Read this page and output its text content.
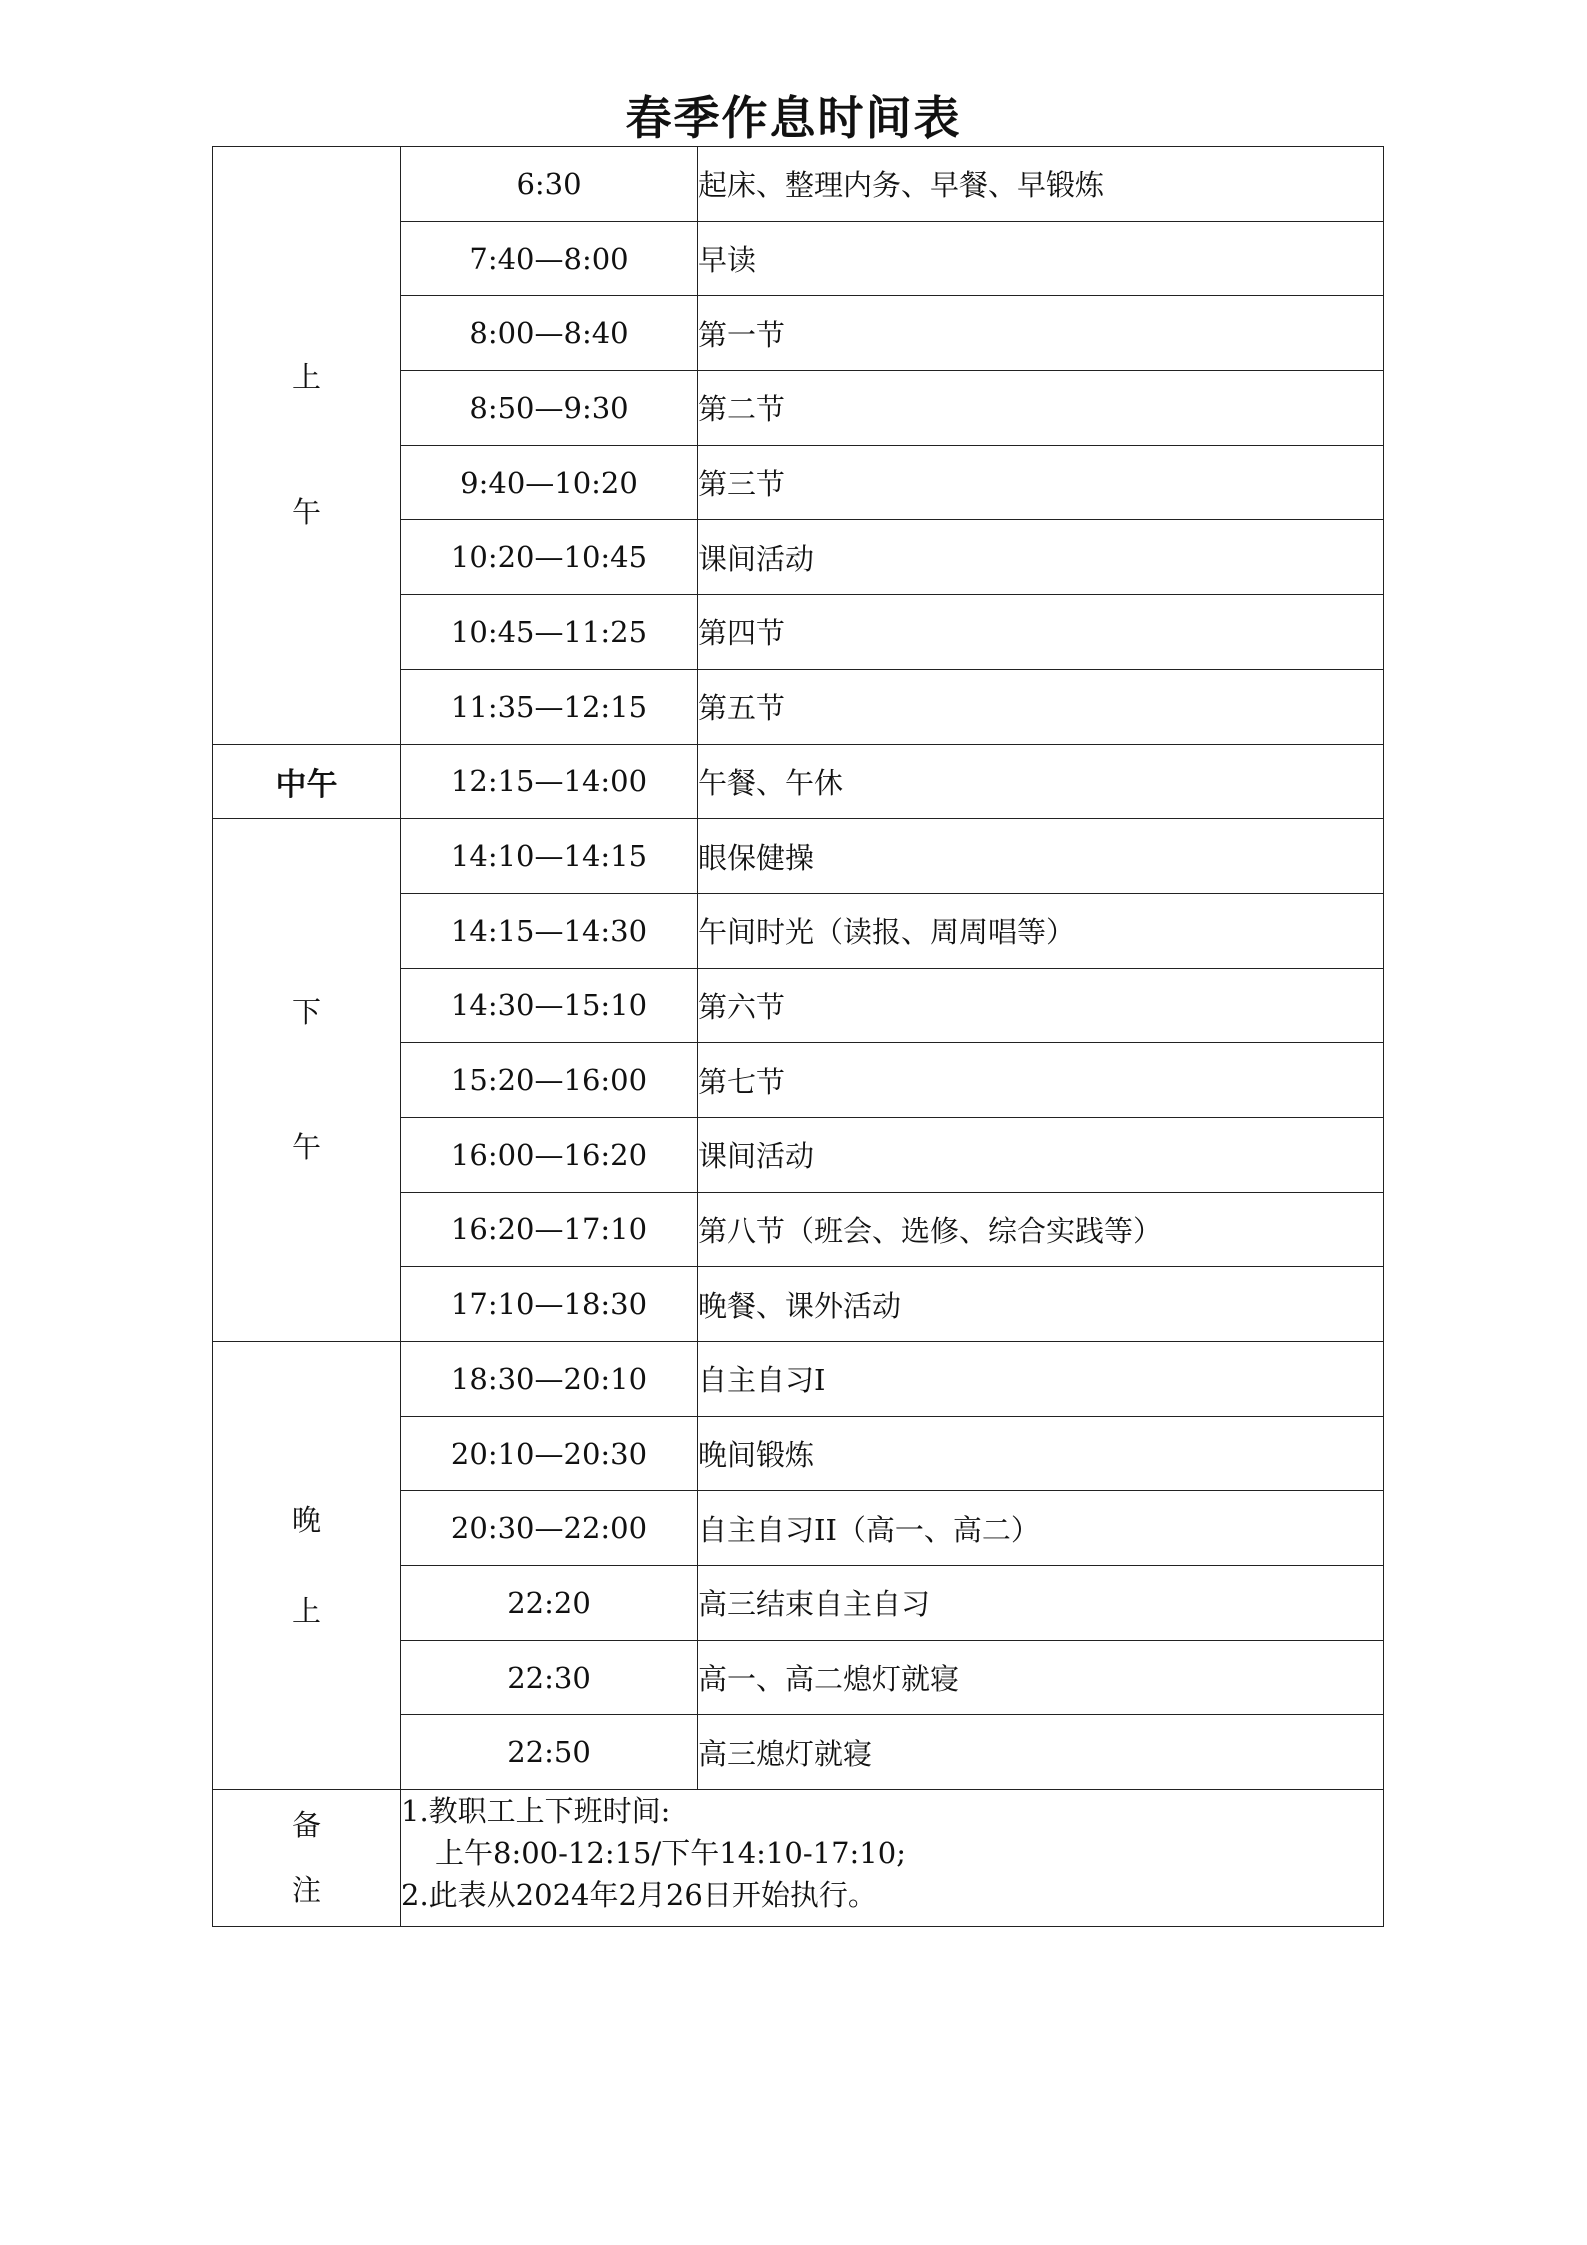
春季作息时间表
上
午	6:30	起床、整理内务、早餐、早锻炼
	7:40—8:00	早读
	8:00—8:40	第一节
	8:50—9:30	第二节
	9:40—10:20	第三节
	10:20—10:45	课间活动
	10:45—11:25	第四节
	11:35—12:15	第五节
中午	12:15—14:00	午餐、午休

下
午	14:10—14:15	眼保健操
	14:15—14:30	午间时光（读报、周周唱等）
	14:30—15:10	第六节
	15:20—16:00	第七节
	16:00—16:20	课间活动
	16:20—17:10	第八节（班会、选修、综合实践等）
	17:10—18:30	晚餐、课外活动

晚
上	18:30—20:10	自主自习I
	20:10—20:30	晚间锻炼
	20:30—22:00	自主自习II（高一、高二）
	22:20	高三结束自主自习
	22:30	高一、高二熄灯就寝
	22:50	高三熄灯就寝

备
注	1.教职工上下班时间:
上午8:00-12:15/下午14:10-17:10;
2.此表从2024年2月26日开始执行。	
